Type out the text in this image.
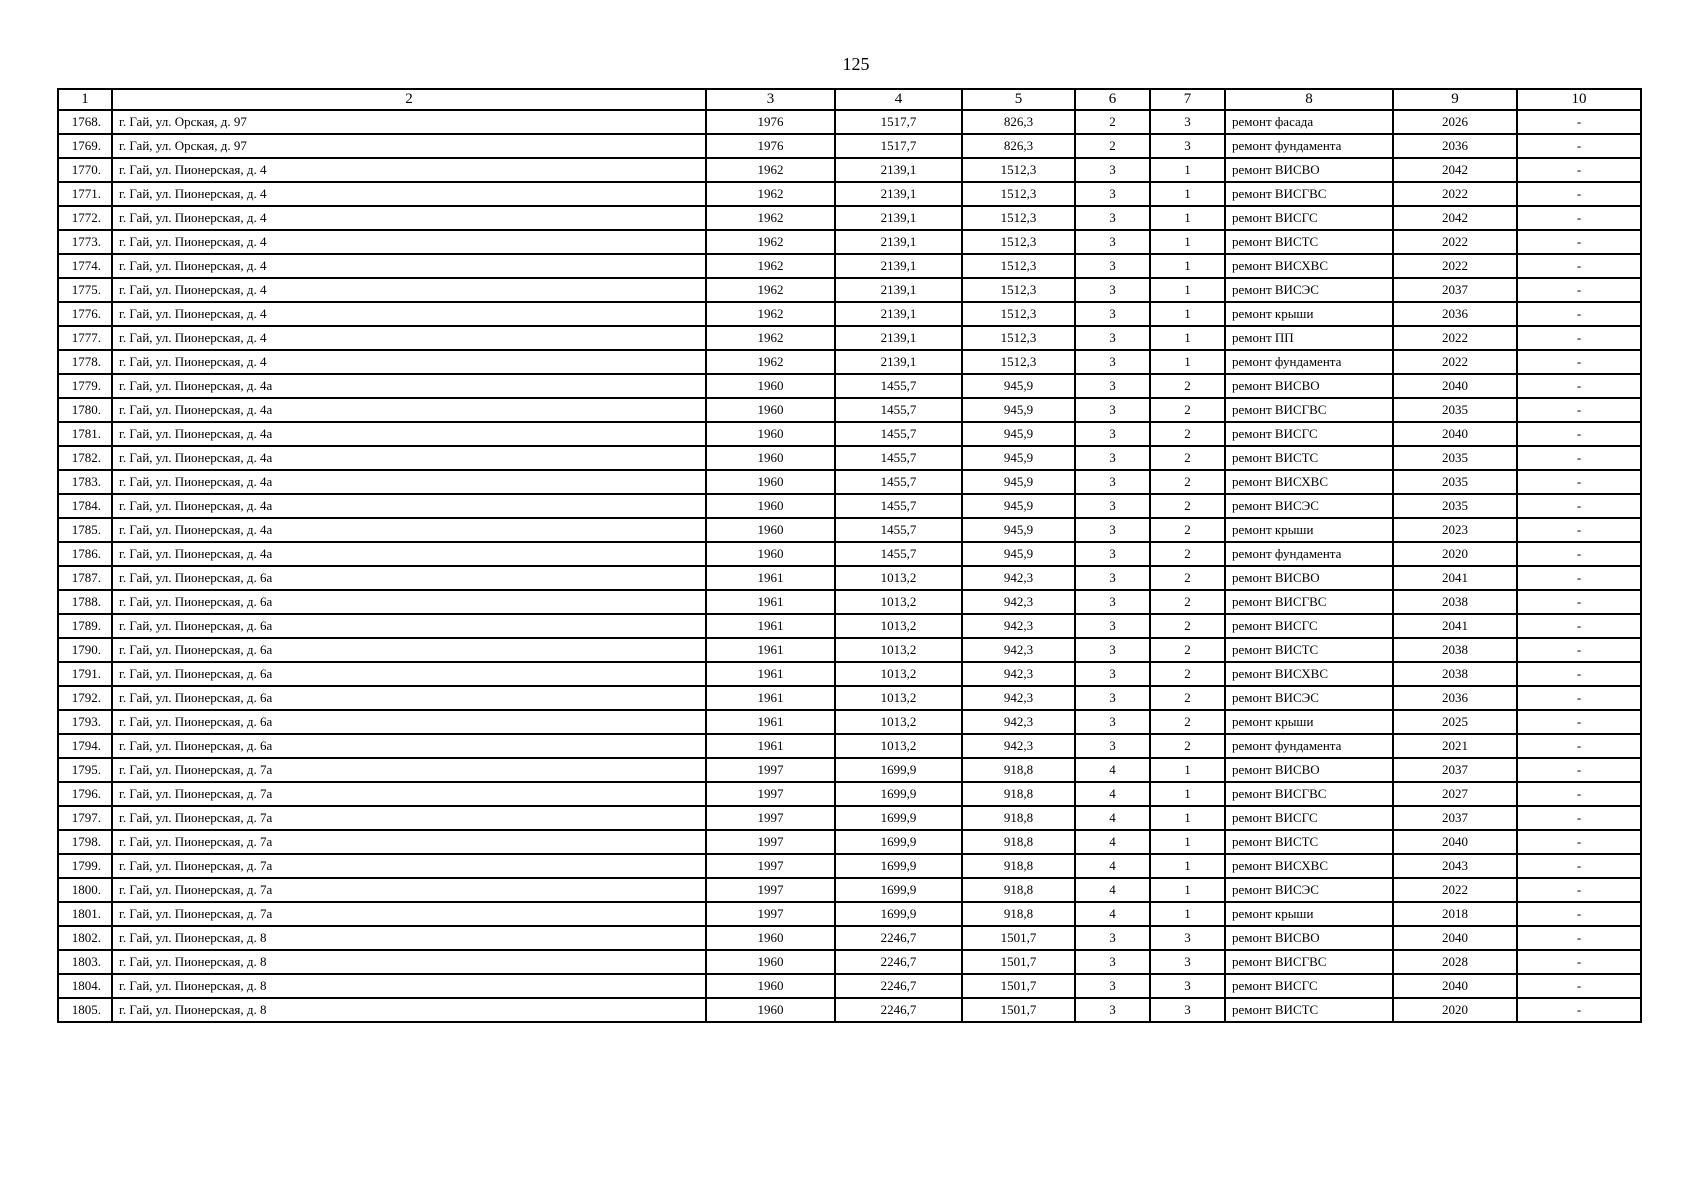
125
1	2	3	4	5	6	7	8	9	10
1768.	г. Гай, ул. Орская, д. 97	1976	1517,7	826,3	2	3	ремонт фасада	2026	-
1769.	г. Гай, ул. Орская, д. 97	1976	1517,7	826,3	2	3	ремонт фундамента	2036	-
1770.	г. Гай, ул. Пионерская, д. 4	1962	2139,1	1512,3	3	1	ремонт ВИСВО	2042	-
1771.	г. Гай, ул. Пионерская, д. 4	1962	2139,1	1512,3	3	1	ремонт ВИСГВС	2022	-
1772.	г. Гай, ул. Пионерская, д. 4	1962	2139,1	1512,3	3	1	ремонт ВИСГС	2042	-
1773.	г. Гай, ул. Пионерская, д. 4	1962	2139,1	1512,3	3	1	ремонт ВИСТС	2022	-
1774.	г. Гай, ул. Пионерская, д. 4	1962	2139,1	1512,3	3	1	ремонт ВИСХВС	2022	-
1775.	г. Гай, ул. Пионерская, д. 4	1962	2139,1	1512,3	3	1	ремонт ВИСЭС	2037	-
1776.	г. Гай, ул. Пионерская, д. 4	1962	2139,1	1512,3	3	1	ремонт крыши	2036	-
1777.	г. Гай, ул. Пионерская, д. 4	1962	2139,1	1512,3	3	1	ремонт ПП	2022	-
1778.	г. Гай, ул. Пионерская, д. 4	1962	2139,1	1512,3	3	1	ремонт фундамента	2022	-
1779.	г. Гай, ул. Пионерская, д. 4а	1960	1455,7	945,9	3	2	ремонт ВИСВО	2040	-
1780.	г. Гай, ул. Пионерская, д. 4а	1960	1455,7	945,9	3	2	ремонт ВИСГВС	2035	-
1781.	г. Гай, ул. Пионерская, д. 4а	1960	1455,7	945,9	3	2	ремонт ВИСГС	2040	-
1782.	г. Гай, ул. Пионерская, д. 4а	1960	1455,7	945,9	3	2	ремонт ВИСТС	2035	-
1783.	г. Гай, ул. Пионерская, д. 4а	1960	1455,7	945,9	3	2	ремонт ВИСХВС	2035	-
1784.	г. Гай, ул. Пионерская, д. 4а	1960	1455,7	945,9	3	2	ремонт ВИСЭС	2035	-
1785.	г. Гай, ул. Пионерская, д. 4а	1960	1455,7	945,9	3	2	ремонт крыши	2023	-
1786.	г. Гай, ул. Пионерская, д. 4а	1960	1455,7	945,9	3	2	ремонт фундамента	2020	-
1787.	г. Гай, ул. Пионерская, д. 6а	1961	1013,2	942,3	3	2	ремонт ВИСВО	2041	-
1788.	г. Гай, ул. Пионерская, д. 6а	1961	1013,2	942,3	3	2	ремонт ВИСГВС	2038	-
1789.	г. Гай, ул. Пионерская, д. 6а	1961	1013,2	942,3	3	2	ремонт ВИСГС	2041	-
1790.	г. Гай, ул. Пионерская, д. 6а	1961	1013,2	942,3	3	2	ремонт ВИСТС	2038	-
1791.	г. Гай, ул. Пионерская, д. 6а	1961	1013,2	942,3	3	2	ремонт ВИСХВС	2038	-
1792.	г. Гай, ул. Пионерская, д. 6а	1961	1013,2	942,3	3	2	ремонт ВИСЭС	2036	-
1793.	г. Гай, ул. Пионерская, д. 6а	1961	1013,2	942,3	3	2	ремонт крыши	2025	-
1794.	г. Гай, ул. Пионерская, д. 6а	1961	1013,2	942,3	3	2	ремонт фундамента	2021	-
1795.	г. Гай, ул. Пионерская, д. 7а	1997	1699,9	918,8	4	1	ремонт ВИСВО	2037	-
1796.	г. Гай, ул. Пионерская, д. 7а	1997	1699,9	918,8	4	1	ремонт ВИСГВС	2027	-
1797.	г. Гай, ул. Пионерская, д. 7а	1997	1699,9	918,8	4	1	ремонт ВИСГС	2037	-
1798.	г. Гай, ул. Пионерская, д. 7а	1997	1699,9	918,8	4	1	ремонт ВИСТС	2040	-
1799.	г. Гай, ул. Пионерская, д. 7а	1997	1699,9	918,8	4	1	ремонт ВИСХВС	2043	-
1800.	г. Гай, ул. Пионерская, д. 7а	1997	1699,9	918,8	4	1	ремонт ВИСЭС	2022	-
1801.	г. Гай, ул. Пионерская, д. 7а	1997	1699,9	918,8	4	1	ремонт крыши	2018	-
1802.	г. Гай, ул. Пионерская, д. 8	1960	2246,7	1501,7	3	3	ремонт ВИСВО	2040	-
1803.	г. Гай, ул. Пионерская, д. 8	1960	2246,7	1501,7	3	3	ремонт ВИСГВС	2028	-
1804.	г. Гай, ул. Пионерская, д. 8	1960	2246,7	1501,7	3	3	ремонт ВИСГС	2040	-
1805.	г. Гай, ул. Пионерская, д. 8	1960	2246,7	1501,7	3	3	ремонт ВИСТС	2020	-
